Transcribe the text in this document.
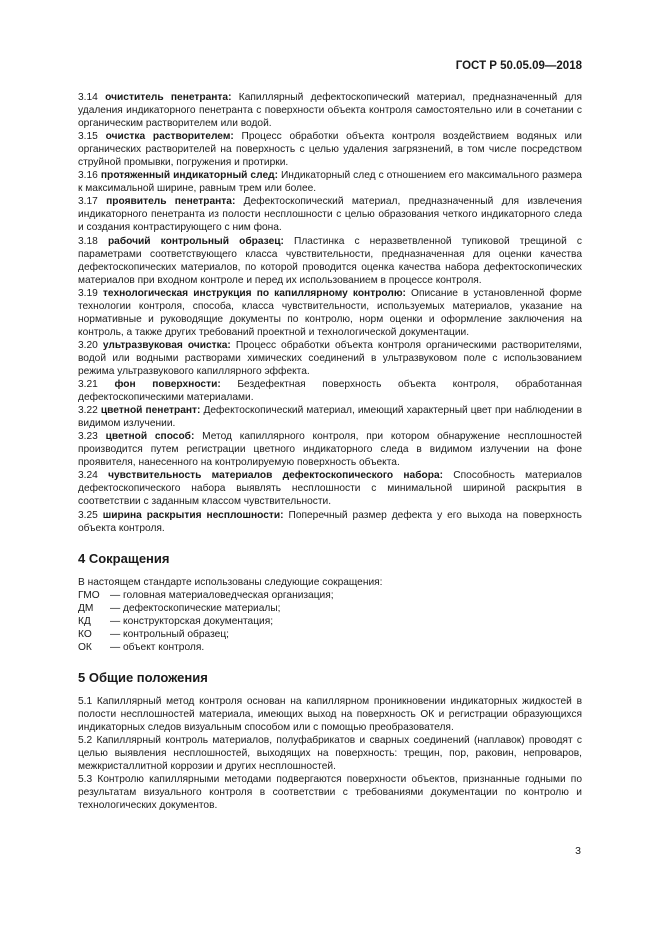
ГОСТ Р 50.05.09—2018
3.14 очиститель пенетранта: Капиллярный дефектоскопический материал, предназначенный для удаления индикаторного пенетранта с поверхности объекта контроля самостоятельно или в сочетании с органическим растворителем или водой.
3.15 очистка растворителем: Процесс обработки объекта контроля воздействием водяных или органических растворителей на поверхность с целью удаления загрязнений, в том числе посредством струйной промывки, погружения и протирки.
3.16 протяженный индикаторный след: Индикаторный след с отношением его максимального размера к максимальной ширине, равным трем или более.
3.17 проявитель пенетранта: Дефектоскопический материал, предназначенный для извлечения индикаторного пенетранта из полости несплошности с целью образования четкого индикаторного следа и создания контрастирующего с ним фона.
3.18 рабочий контрольный образец: Пластинка с неразветвленной тупиковой трещиной с параметрами соответствующего класса чувствительности, предназначенная для оценки качества дефектоскопических материалов, по которой проводится оценка качества набора дефектоскопических материалов при входном контроле и перед их использованием в процессе контроля.
3.19 технологическая инструкция по капиллярному контролю: Описание в установленной форме технологии контроля, способа, класса чувствительности, используемых материалов, указание на нормативные и руководящие документы по контролю, норм оценки и оформление заключения на контроль, а также других требований проектной и технологической документации.
3.20 ультразвуковая очистка: Процесс обработки объекта контроля органическими растворителями, водой или водными растворами химических соединений в ультразвуковом поле с использованием режима ультразвукового капиллярного эффекта.
3.21 фон поверхности: Бездефектная поверхность объекта контроля, обработанная дефектоскопическими материалами.
3.22 цветной пенетрант: Дефектоскопический материал, имеющий характерный цвет при наблюдении в видимом излучении.
3.23 цветной способ: Метод капиллярного контроля, при котором обнаружение несплошностей производится путем регистрации цветного индикаторного следа в видимом излучении на фоне проявителя, нанесенного на контролируемую поверхность объекта.
3.24 чувствительность материалов дефектоскопического набора: Способность материалов дефектоскопического набора выявлять несплошности с минимальной шириной раскрытия в соответствии с заданным классом чувствительности.
3.25 ширина раскрытия несплошности: Поперечный размер дефекта у его выхода на поверхность объекта контроля.
4 Сокращения
В настоящем стандарте использованы следующие сокращения:
ГМО	— головная материаловедческая организация;
ДМ	— дефектоскопические материалы;
КД	— конструкторская документация;
КО	— контрольный образец;
ОК	— объект контроля.
5 Общие положения
5.1 Капиллярный метод контроля основан на капиллярном проникновении индикаторных жидкостей в полости несплошностей материала, имеющих выход на поверхность ОК и регистрации образующихся индикаторных следов визуальным способом или с помощью преобразователя.
5.2 Капиллярный контроль материалов, полуфабрикатов и сварных соединений (наплавок) проводят с целью выявления несплошностей, выходящих на поверхность: трещин, пор, раковин, непроваров, межкристаллитной коррозии и других несплошностей.
5.3 Контролю капиллярными методами подвергаются поверхности объектов, признанные годными по результатам визуального контроля в соответствии с требованиями документации по контролю и технологических документов.
3
